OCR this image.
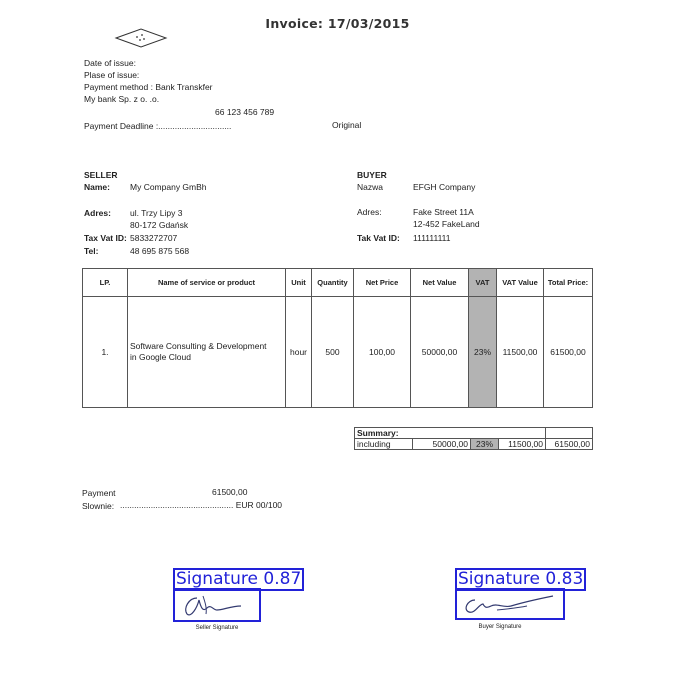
Invoice: 17/03/2015
Date of issue:
Plase of issue:
Payment method : Bank Transkfer
My bank Sp. z o. .o.
66 123 456 789
Payment Deadline :...............................	Original
SELLER
Name: My Company GmBh
Adres: ul. Trzy Lipy 3
80-172 Gdańsk
Tax Vat ID: 5833272707
Tel:	48 695 875 568
BUYER
Nazwa	EFGH Company
Adres:	Fake Street 11A
12-452 FakeLand
Tak Vat ID: 111111111
LP.	Name of service or product	Unit	Quantity	Net Price	Net Value	VAT	VAT Value	Total Price:
1.	Software Consulting & Development
in Google Cloud	hour	500	100,00	50000,00	23%	11500,00	61500,00
Summary:				
including	50000,00	23%	11500,00	61500,00
Payment	61500,00
Slownie: ................................................ EUR 00/100
Signature 0.87
Seller Signature
Signature 0.83
Buyer Signature
